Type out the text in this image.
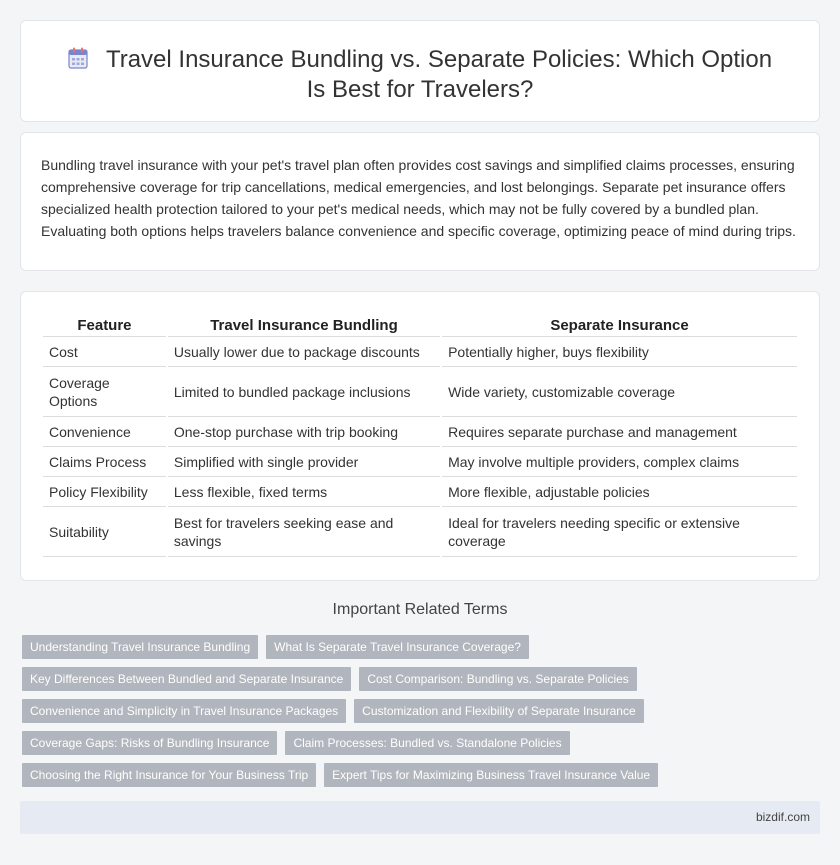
Travel Insurance Bundling vs. Separate Policies: Which Option Is Best for Travelers?

Bundling travel insurance with your pet's travel plan often provides cost savings and simplified claims processes, ensuring comprehensive coverage for trip cancellations, medical emergencies, and lost belongings. Separate pet insurance offers specialized health protection tailored to your pet's medical needs, which may not be fully covered by a bundled plan. Evaluating both options helps travelers balance convenience and specific coverage, optimizing peace of mind during trips.

Feature	Travel Insurance Bundling	Separate Insurance
Cost	Usually lower due to package discounts	Potentially higher, buys flexibility
Coverage Options	Limited to bundled package inclusions	Wide variety, customizable coverage
Convenience	One-stop purchase with trip booking	Requires separate purchase and management
Claims Process	Simplified with single provider	May involve multiple providers, complex claims
Policy Flexibility	Less flexible, fixed terms	More flexible, adjustable policies
Suitability	Best for travelers seeking ease and savings	Ideal for travelers needing specific or extensive coverage
Important Related Terms
Understanding Travel Insurance Bundling	What Is Separate Travel Insurance Coverage?
Key Differences Between Bundled and Separate Insurance	Cost Comparison: Bundling vs. Separate Policies
Convenience and Simplicity in Travel Insurance Packages	Customization and Flexibility of Separate Insurance
Coverage Gaps: Risks of Bundling Insurance	Claim Processes: Bundled vs. Standalone Policies
Choosing the Right Insurance for Your Business Trip	Expert Tips for Maximizing Business Travel Insurance Value
bizdif.com
